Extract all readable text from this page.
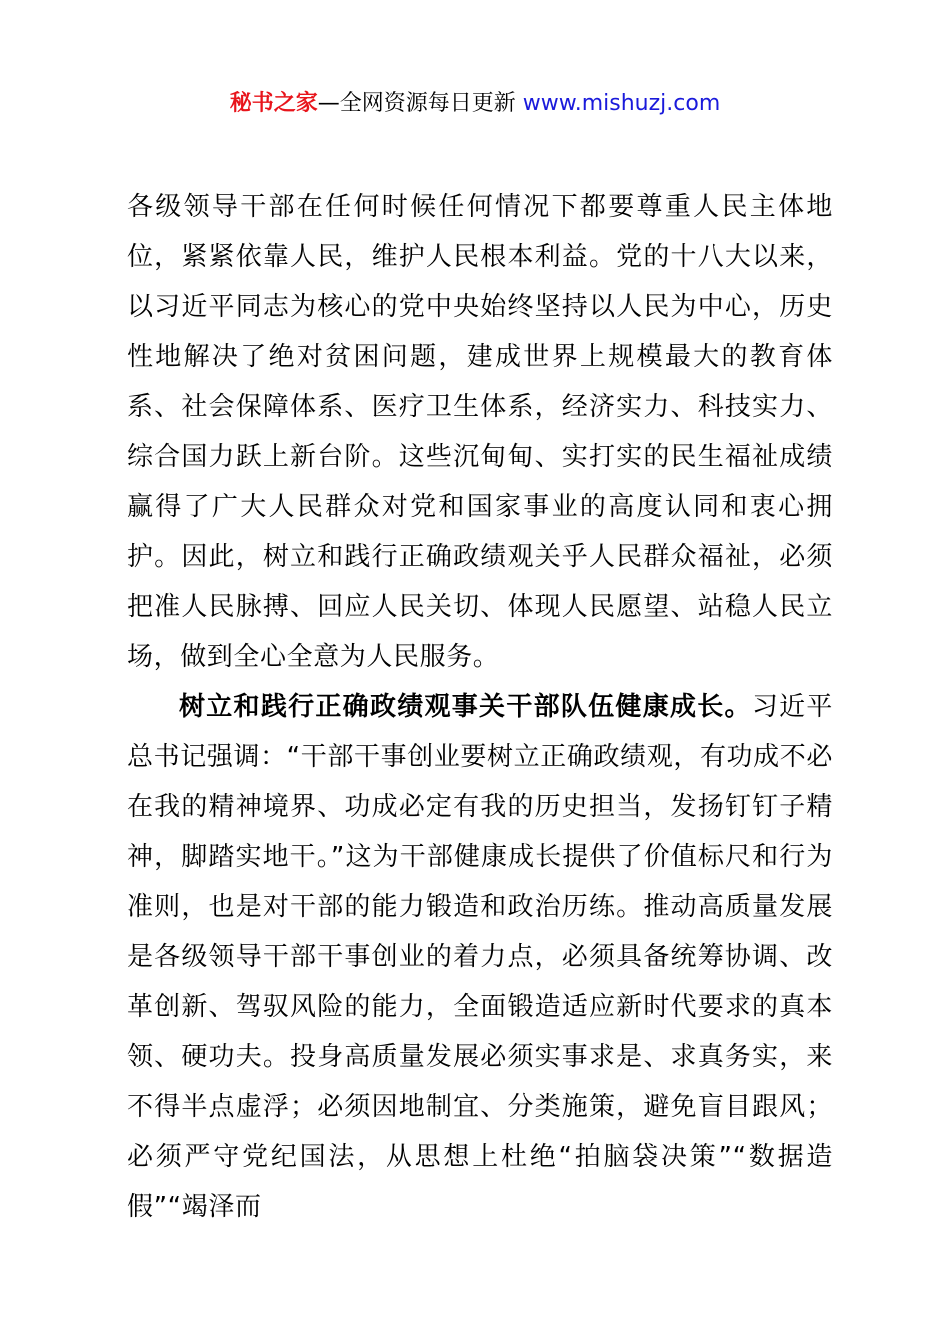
秘书之家—全网资源每日更新 www.mishuzj.com

各级领导干部在任何时候任何情况下都要尊重人民主体地位，紧紧依靠人民，维护人民根本利益。党的十八大以来，以习近平同志为核心的党中央始终坚持以人民为中心，历史性地解决了绝对贫困问题，建成世界上规模最大的教育体系、社会保障体系、医疗卫生体系，经济实力、科技实力、综合国力跃上新台阶。这些沉甸甸、实打实的民生福祉成绩赢得了广大人民群众对党和国家事业的高度认同和衷心拥护。因此，树立和践行正确政绩观关乎人民群众福祉，必须把准人民脉搏、回应人民关切、体现人民愿望、站稳人民立场，做到全心全意为人民服务。

树立和践行正确政绩观事关干部队伍健康成长。习近平总书记强调：“干部干事创业要树立正确政绩观，有功成不必在我的精神境界、功成必定有我的历史担当，发扬钉钉子精神，脚踏实地干。”这为干部健康成长提供了价值标尺和行为准则，也是对干部的能力锻造和政治历练。推动高质量发展是各级领导干部干事创业的着力点，必须具备统筹协调、改革创新、驾驭风险的能力，全面锻造适应新时代要求的真本领、硬功夫。投身高质量发展必须实事求是、求真务实，来不得半点虚浮；必须因地制宜、分类施策，避免盲目跟风；必须严守党纪国法，从思想上杜绝“拍脑袋决策”“数据造假”“竭泽而
